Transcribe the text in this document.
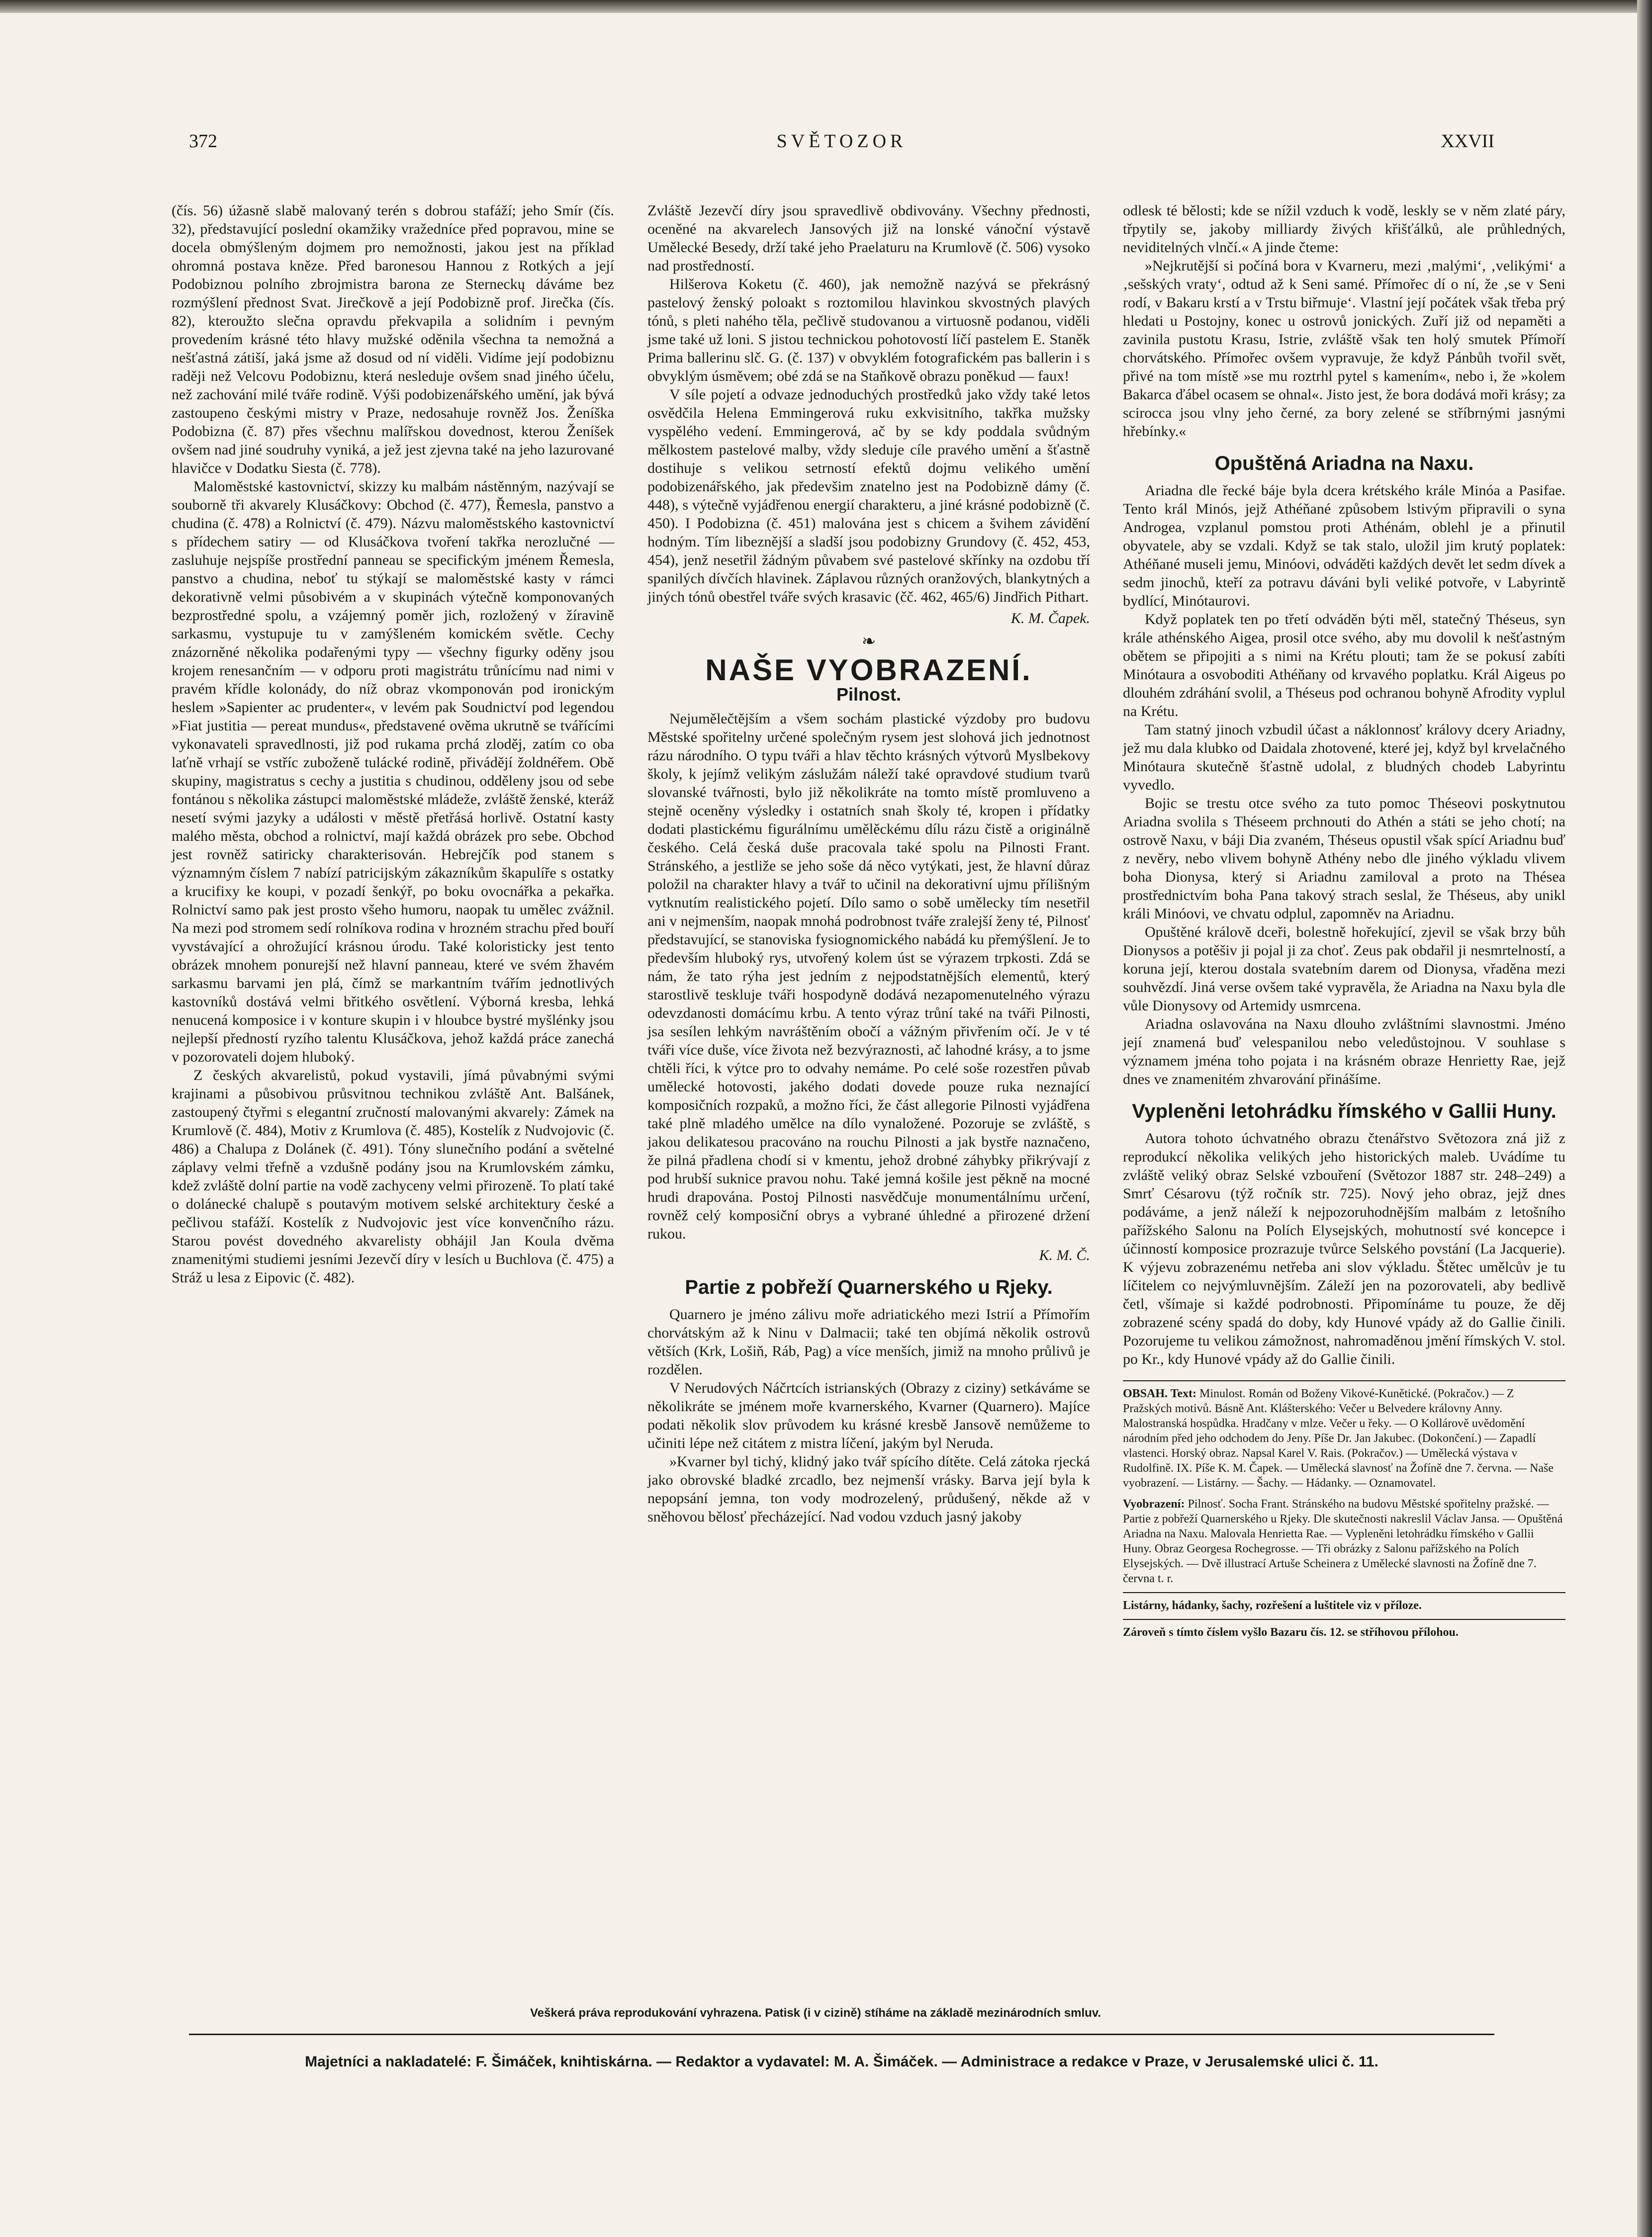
372	SVĚTOZOR	XXVII

(čís. 56) úžasně slabě malovaný terén s dobrou stafáží; jeho Smír (čís. 32), představující poslední okamžiky vražedníce před popravou, mine se docela obmýšleným dojmem pro nemožnosti, jakou jest na příklad ohromná postava kněze. Před baronesou Hannou z Rotkých a její Podobiznou polního zbrojmistra barona ze Sterneckų dáváme bez rozmýšlení přednost Svat. Jirečkově a její Podobizně prof. Jirečka (čís. 82), kteroužto slečna opravdu překvapila a solidním i pevným provedením krásné této hlavy mužské oděnila všechna ta nemožná a nešťastná zátiší, jaká jsme až dosud od ní viděli. Vidíme její podobiznu raději než Velcovu Podobiznu, která nesleduje ovšem snad jiného účelu, než zachování milé tváře rodině. Výši podobizenářského umění, jak bývá zastoupeno českými mistry v Praze, nedosahuje rovněž Jos. Ženíška Podobizna (č. 87) přes všechnu malířskou dovednost, kterou Ženíšek ovšem nad jiné soudruhy vyniká, a jež jest zjevna také na jeho lazurované hlavičce v Dodatku Siesta (č. 778).

Maloměstské kastovnictví, skizzy ku malbám nástěnným, nazývají se souborně tři akvarely Klusáčkovy: Obchod (č. 477), Řemesla, panstvo a chudina (č. 478) a Rolnictví (č. 479). Názvu maloměstského kastovnictví s přídechem satiry — od Klusáčkova tvoření takřka nerozlučné — zasluhuje nejspíše prostřední panneau se specifickým jménem Řemesla, panstvo a chudina, neboť tu stýkají se maloměstské kasty v rámci dekorativně velmi působivém a v skupinách výtečně komponovaných bezprostředné spolu, a vzájemný poměr jich, rozložený v žíravině sarkasmu, vystupuje tu v zamýšleném komickém světle. Cechy znázorněné několika podařenými typy — všechny figurky oděny jsou krojem renesančním — v odporu proti magistrátu trůnícímu nad nimi v pravém křídle kolonády, do níž obraz vkomponován pod ironickým heslem »Sapienter ac prudenter«, v levém pak Soudnictví pod legendou »Fiat justitia — pereat mundus«, představené ověma ukrutně se tvářícími vykonavateli spravedlnosti, již pod rukama prchá zloděj, zatím co oba laťně vrhají se vstříc zuboženě tulácké rodině, přivádějí žoldnéřem. Obě skupiny, magistratus s cechy a justitia s chudinou, odděleny jsou od sebe fontánou s několika zástupci maloměstské mládeže, zvláště ženské, kteráž nesetí svými jazyky a události v městě přetřásá horlivě. Ostatní kasty malého města, obchod a rolnictví, mají každá obrázek pro sebe. Obchod jest rovněž satiricky charakterisován. Hebrejčík pod stanem s významným číslem 7 nabízí patricijským zákazníkům škapulíře s ostatky a krucifixy ke koupi, v pozadí šenkýř, po boku ovocnářka a pekařka. Rolnictví samo pak jest prosto všeho humoru, naopak tu umělec zvážnil. Na mezi pod stromem sedí rolníkova rodina v hrozném strachu před bouří vyvstávající a ohrožující krásnou úrodu. Také koloristicky jest tento obrázek mnohem ponurejší než hlavní panneau, které ve svém žhavém sarkasmu barvami jen plá, čímž se markantním tvářím jednotlivých kastovníků dostává velmi břitkého osvětlení. Výborná kresba, lehká nenucená komposice i v konture skupin i v hloubce bystré myšlénky jsou nejlepší předností ryzího talentu Klusáčkova, jehož každá práce zanechá v pozorovateli dojem hluboký.

Z českých akvarelistů, pokud vystavili, jímá půvabnými svými krajinami a působivou průsvitnou technikou zvláště Ant. Balšánek, zastoupený čtyřmi s elegantní zručností malovanými akvarely: Zámek na Krumlově (č. 484), Motiv z Krumlova (č. 485), Kostelík z Nudvojovic (č. 486) a Chalupa z Dolánek (č. 491). Tóny slunečního podání a světelné záplavy velmi třefně a vzdušně podány jsou na Krumlovském zámku, kdež zvláště dolní partie na vodě zachyceny velmi přirozeně. To platí také o dolánecké chalupě s poutavým motivem selské architektury české a pečlivou stafáží. Kostelík z Nudvojovic jest více konvenčního rázu. Starou povést dovedného akvarelisty obhájil Jan Koula dvěma znamenitými studiemi jesními Jezevčí díry v lesích u Buchlova (č. 475) a Stráž u lesa z Eipovic (č. 482).

Zvláště Jezevčí díry jsou spravedlivě obdivovány. Všechny přednosti, oceněné na akvarelech Jansových již na lonské vánoční výstavě Umělecké Besedy, drží také jeho Praelaturu na Krumlově (č. 506) vysoko nad prostředností.

Hilšerova Koketu (č. 460), jak nemožně nazývá se překrásný pastelový ženský poloakt s roztomilou hlavinkou skvostných plavých tónů, s pleti nahého těla, pečlivě studovanou a virtuosně podanou, viděli jsme také už loni. S jistou technickou pohotovostí líčí pastelem E. Staněk Prima ballerinu slč. G. (č. 137) v obvyklém fotografickém pas ballerin i s obvyklým úsměvem; obé zdá se na Staňkově obrazu poněkud — faux!

V síle pojetí a odvaze jednoduchých prostředků jako vždy také letos osvědčila Helena Emmingerová ruku exkvisitního, takřka mužsky vyspělého vedení. Emmingerová, ač by se kdy poddala svůdným mělkostem pastelové malby, vždy sleduje cíle pravého umění a šťastně dostihuje s velikou setrností efektů dojmu velikého umění podobizenářského, jak předevšim znatelno jest na Podobizně dámy (č. 448), s výtečně vyjádřenou energií charakteru, a jiné krásné podobizně (č. 450). I Podobizna (č. 451) malována jest s chicem a švihem závidění hodným. Tím libeznější a sladší jsou podobizny Grundovy (č. 452, 453, 454), jenž nesetřil žádným půvabem své pastelové skřínky na ozdobu tří spanilých dívčích hlavinek. Záplavou různých oranžových, blankytných a jiných tónů obestřel tváře svých krasavic (čč. 462, 465/6) Jindřich Pithart.

K. M. Čapek.
❧
NAŠE VYOBRAZENÍ.
Pilnost.

Nejumělečtějším a všem sochám plastické výzdoby pro budovu Městské spořitelny určené společným rysem jest slohová jich jednotnost rázu národního. O typu tváři a hlav těchto krásných výtvorů Myslbekovy školy, k jejímž velikým záslužám náleží také opravdové studium tvarů slovanské tvářnosti, bylo již několikráte na tomto místě promluveno a stejně oceněny výsledky i ostatních snah školy té, kropen i přídatky dodati plastickému figurálnímu umělěckému dílu rázu čistě a originálně českého. Celá česká duše pracovala také spolu na Pilnosti Frant. Stránského, a jestliže se jeho soše dá něco vytýkati, jest, že hlavní důraz položil na charakter hlavy a tvář to učinil na dekorativní ujmu přílišným vytknutím realistického pojetí. Dílo samo o sobě umělecky tím nesetřil ani v nejmenším, naopak mnohá podrobnost tváře zralejší ženy té, Pilnosť představující, se stanoviska fysiognomického nabádá ku přemýšlení. Je to především hluboký rys, utvořený kolem úst se výrazem trpkosti. Zdá se nám, že tato rýha jest jedním z nejpodstatnějších elementů, který starostlivě teskluje tváři hospodyně dodává nezapomenutelného výrazu odevzdanosti domácímu krbu. A tento výraz trůní také na tváři Pilnosti, jsa sesílen lehkým navráštěním obočí a vážným přivřením očí. Je v té tváři více duše, více života než bezvýraznosti, ač lahodné krásy, a to jsme chtěli říci, k výtce pro to odvahy nemáme. Po celé soše rozestřen půvab umělecké hotovosti, jakého dodati dovede pouze ruka neznající komposičních rozpaků, a možno říci, že část allegorie Pilnosti vyjádřena také plně mladého umělce na dílo vynaložené. Pozoruje se zvláště, s jakou delikatesou pracováno na rouchu Pilnosti a jak bystře naznačeno, že pilná přadlena chodí si v kmentu, jehož drobné záhybky přikrývají z pod hrubší suknice pravou nohu. Také jemná košile jest pěkně na mocné hrudi drapována. Postoj Pilnosti nasvědčuje monumentálnímu určení, rovněž celý komposiční obrys a vybrané úhledné a přirozené držení rukou.

K. M. Č.
Partie z pobřeží Quarnerského u Rjeky.

Quarnero je jméno zálivu moře adriatického mezi Istrií a Přímořím chorvátským až k Ninu v Dalmacii; také ten objímá několik ostrovů větších (Krk, Lošiň, Ráb, Pag) a více menších, jimiž na mnoho průlivů je rozdělen.

V Nerudových Náčrtcích istrianských (Obrazy z ciziny) setkáváme se několikráte se jménem moře kvarnerského, Kvarner (Quarnero). Majíce podati několik slov průvodem ku krásné kresbě Jansově nemůžeme to učiniti lépe než citátem z mistra líčení, jakým byl Neruda.

»Kvarner byl tichý, klidný jako tvář spícího dítěte. Celá zátoka rjecká jako obrovské bladké zrcadlo, bez nejmenší vrásky. Barva její byla k nepopsání jemna, ton vody modrozelený, průdušený, někde až v sněhovou bělosť přecházející. Nad vodou vzduch jasný jakoby

odlesk té bělosti; kde se nížil vzduch k vodě, leskly se v něm zlaté páry, třpytily se, jakoby milliardy živých křišťálků, ale průhledných, neviditelných vlnčí.« A jinde čteme:

»Nejkrutější si počíná bora v Kvarneru, mezi ‚malými‘, ‚velikými‘ a ‚sešských vraty‘, odtud až k Seni samé. Přímořec dí o ní, že ‚se v Seni rodí, v Bakaru krstí a v Trstu biřmuje‘. Vlastní její počátek však třeba prý hledati u Postojny, konec u ostrovů jonických. Zuří již od nepaměti a zavinila pustotu Krasu, Istrie, zvláště však ten holý smutek Přímoří chorvátského. Přímořec ovšem vypravuje, že když Pánbůh tvořil svět, přivé na tom místě »se mu roztrhl pytel s kamením«, nebo i, že »kolem Bakarca ďábel ocasem se ohnal«. Jisto jest, že bora dodává moři krásy; za scirocca jsou vlny jeho černé, za bory zelené se stříbrnými jasnými hřebínky.«

Opuštěná Ariadna na Naxu.

Ariadna dle řecké báje byla dcera krétského krále Minóa a Pasifae. Tento král Minós, jejž Athéňané způsobem lstivým připravili o syna Androgea, vzplanul pomstou proti Athénám, oblehl je a přinutil obyvatele, aby se vzdali. Když se tak stalo, uložil jim krutý poplatek: Athéňané museli jemu, Minóovi, odváděti každých devět let sedm dívek a sedm jinochů, kteří za potravu dáváni byli veliké potvoře, v Labyrintě bydlící, Minótaurovi.

Když poplatek ten po třetí odváděn býti měl, statečný Théseus, syn krále athénského Aigea, prosil otce svého, aby mu dovolil k nešťastným obětem se připojiti a s nimi na Krétu plouti; tam že se pokusí zabíti Minótaura a osvoboditi Athéňany od krvavého poplatku. Král Aigeus po dlouhém zdráhání svolil, a Théseus pod ochranou bohyně Afrodity vyplul na Krétu.

Tam statný jinoch vzbudil účast a náklonnosť královy dcery Ariadny, jež mu dala klubko od Daidala zhotovené, které jej, když byl krvelačného Minótaura skutečně šťastně udolal, z bludných chodeb Labyrintu vyvedlo.

Bojic se trestu otce svého za tuto pomoc Théseovi poskytnutou Ariadna svolila s Théseem prchnouti do Athén a státi se jeho chotí; na ostrově Naxu, v báji Dia zvaném, Théseus opustil však spící Ariadnu buď z nevěry, nebo vlivem bohyně Athény nebo dle jiného výkladu vlivem boha Dionysa, který si Ariadnu zamiloval a proto na Thésea prostřednictvím boha Pana takový strach seslal, že Théseus, aby unikl králi Minóovi, ve chvatu odplul, zapomněv na Ariadnu.

Opuštěné králově dceři, bolestně hořekující, zjevil se však brzy bůh Dionysos a potěšiv ji pojal ji za choť. Zeus pak obdařil ji nesmrtelností, a koruna její, kterou dostala svatebním darem od Dionysa, vřaděna mezi souhvězdí. Jiná verse ovšem také vypravěla, že Ariadna na Naxu byla dle vůle Dionysovy od Artemidy usmrcena.

Ariadna oslavována na Naxu dlouho zvláštními slavnostmi. Jméno její znamená buď velespanilou nebo veledůstojnou. V souhlase s významem jména toho pojata i na krásném obraze Henrietty Rae, jejž dnes ve znamenitém zhvarování přinášíme.

Vypleněni letohrádku římského v Gallii Huny.

Autora tohoto úchvatného obrazu čtenářstvo Světozora zná již z reprodukcí několika velikých jeho historických maleb. Uvádíme tu zvláště veliký obraz Selské vzbouření (Světozor 1887 str. 248–249) a Smrť Césarovu (týž ročník str. 725). Nový jeho obraz, jejž dnes podáváme, a jenž náleží k nejpozoruhodnějším malbám z letošního pařížského Salonu na Polích Elysejských, mohutností své koncepce i účinností komposice prozrazuje tvůrce Selského povstání (La Jacquerie). K výjevu zobrazenému netřeba ani slov výkladu. Štětec umělcův je tu líčitelem co nejvýmluvnějším. Záleží jen na pozorovateli, aby bedlivě četl, všímaje si každé podrobnosti. Připomínáme tu pouze, že děj zobrazené scény spadá do doby, kdy Hunové vpády až do Gallie činili. Pozorujeme tu velikou zámožnost, nahromaděnou jmění římských V. stol. po Kr., kdy Hunové vpády až do Gallie činili.

OBSAH. Text: Minulost. Román od Boženy Vikové-Kunětické. (Pokračov.) — Z Pražských motivů. Básně Ant. Klášterského: Večer u Belvedere královny Anny. Malostranská hospůdka. Hradčany v mlze. Večer u řeky. — O Kollárově uvědomění národním před jeho odchodem do Jeny. Píše Dr. Jan Jakubec. (Dokončení.) — Zapadlí vlastenci. Horský obraz. Napsal Karel V. Rais. (Pokračov.) — Umělecká výstava v Rudolfině. IX. Píše K. M. Čapek. — Umělecká slavnosť na Žofíně dne 7. června. — Naše vyobrazení. — Listárny. — Šachy. — Hádanky. — Oznamovatel.

Vyobrazení: Pilnosť. Socha Frant. Stránského na budovu Městské spořitelny pražské. — Partie z pobřeží Quarnerského u Rjeky. Dle skutečnosti nakreslil Václav Jansa. — Opuštěná Ariadna na Naxu. Malovala Henrietta Rae. — Vypleněni letohrádku římského v Gallii Huny. Obraz Georgesa Rochegrosse. — Tři obrázky z Salonu pařížského na Polích Elysejských. — Dvě illustrací Artuše Scheinera z Umělecké slavnosti na Žofíně dne 7. června t. r.

Listárny, hádanky, šachy, rozřešení a luštitele viz v příloze.

Zároveň s tímto číslem vyšlo Bazaru čís. 12. se stříhovou přílohou.

Veškerá práva reprodukování vyhrazena. Patisk (i v cizině) stíháme na základě mezinárodních smluv.
Majetníci a nakladatelé: F. Šimáček, knihtiskárna. — Redaktor a vydavatel: M. A. Šimáček. — Administrace a redakce v Praze, v Jerusalemské ulici č. 11.
